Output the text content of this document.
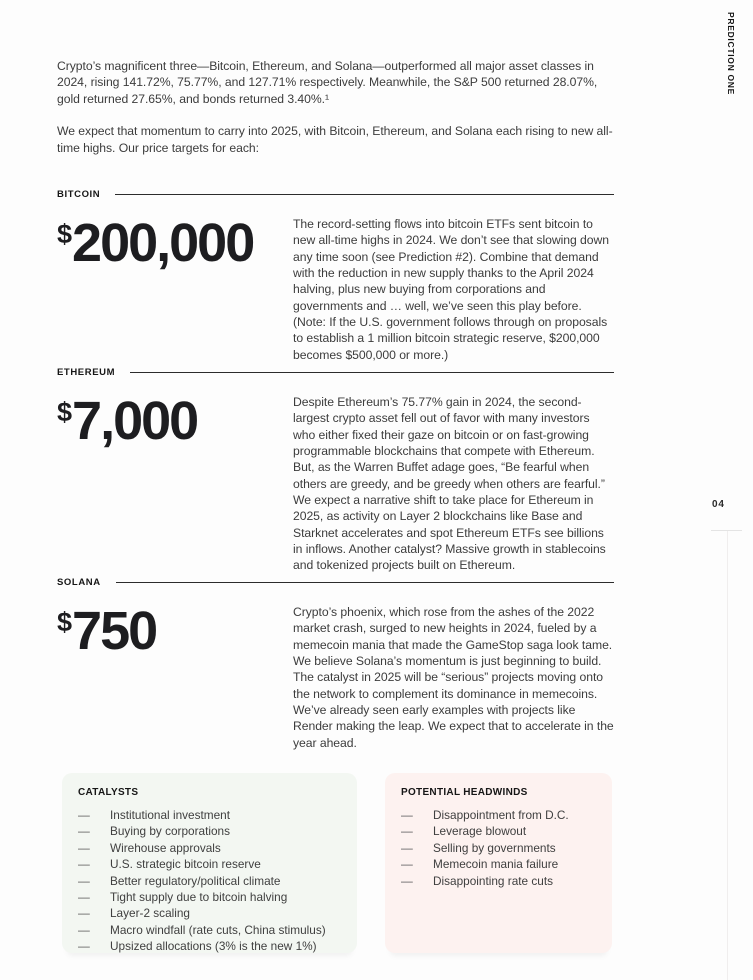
PREDICTION ONE
04

Crypto’s magnificent three—Bitcoin, Ethereum, and Solana—outperformed all major asset classes in 2024, rising 141.72%, 75.77%, and 127.71% respectively. Meanwhile, the S&P 500 returned 28.07%, gold returned 27.65%, and bonds returned 3.40%.¹

We expect that momentum to carry into 2025, with Bitcoin, Ethereum, and Solana each rising to new all-time highs. Our price targets for each:

BITCOIN
$ 200,000	The record-setting flows into bitcoin ETFs sent bitcoin to new all-time highs in 2024. We don’t see that slowing down any time soon (see Prediction #2). Combine that demand with the reduction in new supply thanks to the April 2024 halving, plus new buying from corporations and governments and … well, we’ve seen this play before. (Note: If the U.S. government follows through on proposals to establish a 1 million bitcoin strategic reserve, $200,000 becomes $500,000 or more.)

ETHEREUM
$ 7,000	Despite Ethereum’s 75.77% gain in 2024, the second-largest crypto asset fell out of favor with many investors who either fixed their gaze on bitcoin or on fast-growing programmable blockchains that compete with Ethereum. But, as the Warren Buffet adage goes, “Be fearful when others are greedy, and be greedy when others are fearful.” We expect a narrative shift to take place for Ethereum in 2025, as activity on Layer 2 blockchains like Base and Starknet accelerates and spot Ethereum ETFs see billions in inflows. Another catalyst? Massive growth in stablecoins and tokenized projects built on Ethereum.

SOLANA
$ 750	Crypto’s phoenix, which rose from the ashes of the 2022 market crash, surged to new heights in 2024, fueled by a memecoin mania that made the GameStop saga look tame. We believe Solana’s momentum is just beginning to build. The catalyst in 2025 will be “serious” projects moving onto the network to complement its dominance in memecoins. We’ve already seen early examples with projects like Render making the leap. We expect that to accelerate in the year ahead.

CATALYSTS
—	Institutional investment
—	Buying by corporations
—	Wirehouse approvals
—	U.S. strategic bitcoin reserve
—	Better regulatory/political climate
—	Tight supply due to bitcoin halving
—	Layer-2 scaling
—	Macro windfall (rate cuts, China stimulus)
—	Upsized allocations (3% is the new 1%)
POTENTIAL HEADWINDS
—	Disappointment from D.C.
—	Leverage blowout
—	Selling by governments
—	Memecoin mania failure
—	Disappointing rate cuts
